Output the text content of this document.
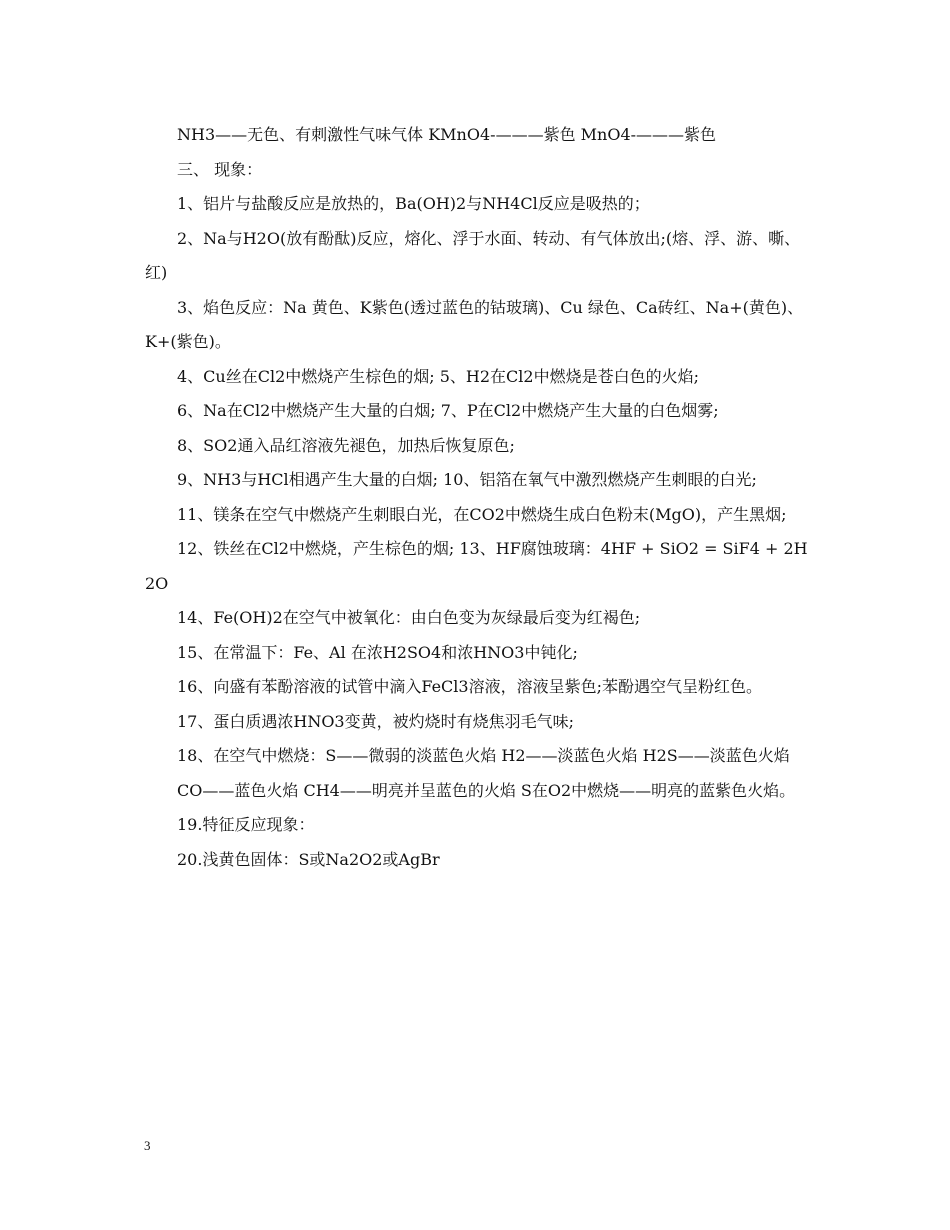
NH3——无色、有刺激性气味气体 KMnO4-———紫色 MnO4-———紫色

三、 现象：

1、铝片与盐酸反应是放热的，Ba(OH)2与NH4Cl反应是吸热的；

2、Na与H2O(放有酚酞)反应，熔化、浮于水面、转动、有气体放出;(熔、浮、游、嘶、红)

3、焰色反应：Na 黄色、K紫色(透过蓝色的钴玻璃)、Cu 绿色、Ca砖红、Na+(黄色)、K+(紫色)。

4、Cu丝在Cl2中燃烧产生棕色的烟; 5、H2在Cl2中燃烧是苍白色的火焰;

6、Na在Cl2中燃烧产生大量的白烟; 7、P在Cl2中燃烧产生大量的白色烟雾;

8、SO2通入品红溶液先褪色，加热后恢复原色;

9、NH3与HCl相遇产生大量的白烟; 10、铝箔在氧气中激烈燃烧产生刺眼的白光;

11、镁条在空气中燃烧产生刺眼白光，在CO2中燃烧生成白色粉末(MgO)，产生黑烟;

12、铁丝在Cl2中燃烧，产生棕色的烟; 13、HF腐蚀玻璃：4HF + SiO2 = SiF4 + 2H2O

14、Fe(OH)2在空气中被氧化：由白色变为灰绿最后变为红褐色;

15、在常温下：Fe、Al 在浓H2SO4和浓HNO3中钝化;

16、向盛有苯酚溶液的试管中滴入FeCl3溶液，溶液呈紫色;苯酚遇空气呈粉红色。

17、蛋白质遇浓HNO3变黄，被灼烧时有烧焦羽毛气味;

18、在空气中燃烧：S——微弱的淡蓝色火焰 H2——淡蓝色火焰 H2S——淡蓝色火焰

CO——蓝色火焰 CH4——明亮并呈蓝色的火焰 S在O2中燃烧——明亮的蓝紫色火焰。

19.特征反应现象：

20.浅黄色固体：S或Na2O2或AgBr

3
